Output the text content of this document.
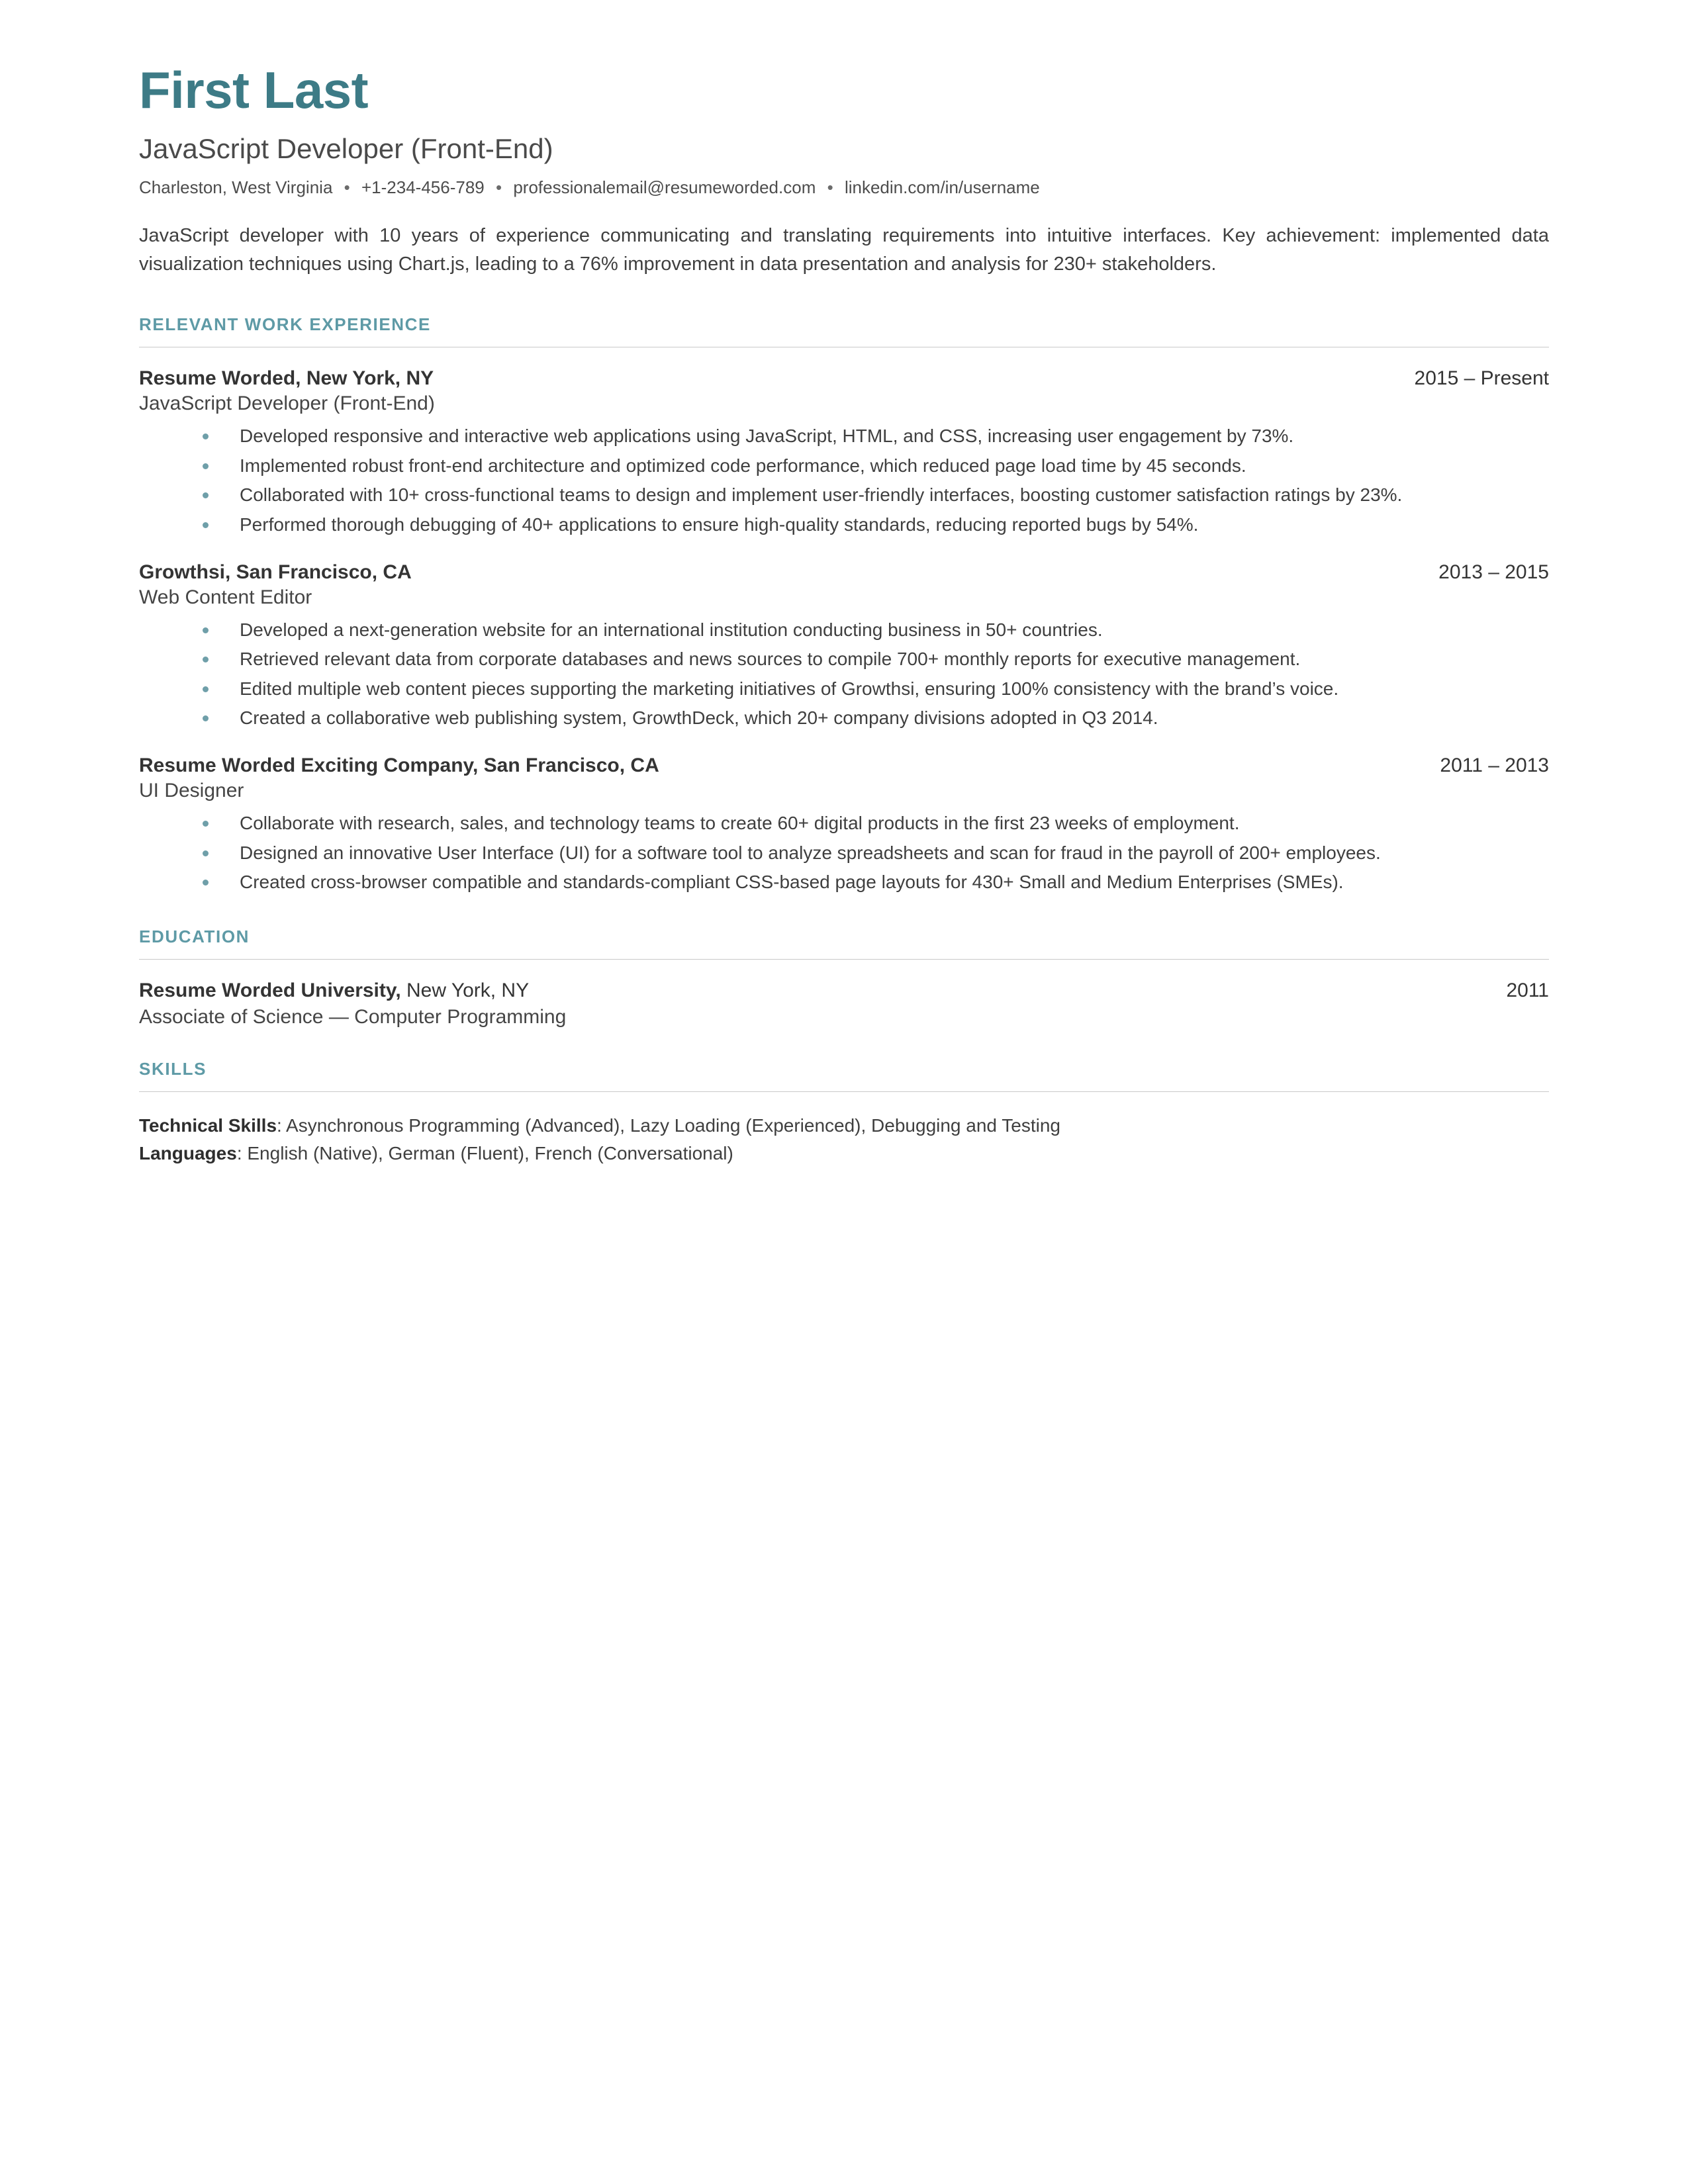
First Last
JavaScript Developer (Front-End)
Charleston, West Virginia • +1-234-456-789 • professionalemail@resumeworded.com • linkedin.com/in/username

JavaScript developer with 10 years of experience communicating and translating requirements into intuitive interfaces. Key achievement: implemented data visualization techniques using Chart.js, leading to a 76% improvement in data presentation and analysis for 230+ stakeholders.

RELEVANT WORK EXPERIENCE
Resume Worded, New York, NY	2015 – Present
JavaScript Developer (Front-End)
Developed responsive and interactive web applications using JavaScript, HTML, and CSS, increasing user engagement by 73%.
Implemented robust front-end architecture and optimized code performance, which reduced page load time by 45 seconds.
Collaborated with 10+ cross-functional teams to design and implement user-friendly interfaces, boosting customer satisfaction ratings by 23%.
Performed thorough debugging of 40+ applications to ensure high-quality standards, reducing reported bugs by 54%.
Growthsi, San Francisco, CA	2013 – 2015
Web Content Editor
Developed a next-generation website for an international institution conducting business in 50+ countries.
Retrieved relevant data from corporate databases and news sources to compile 700+ monthly reports for executive management.
Edited multiple web content pieces supporting the marketing initiatives of Growthsi, ensuring 100% consistency with the brand’s voice.
Created a collaborative web publishing system, GrowthDeck, which 20+ company divisions adopted in Q3 2014.
Resume Worded Exciting Company, San Francisco, CA	2011 – 2013
UI Designer
Collaborate with research, sales, and technology teams to create 60+ digital products in the first 23 weeks of employment.
Designed an innovative User Interface (UI) for a software tool to analyze spreadsheets and scan for fraud in the payroll of 200+ employees.
Created cross-browser compatible and standards-compliant CSS-based page layouts for 430+ Small and Medium Enterprises (SMEs).
EDUCATION
Resume Worded University, New York, NY	2011
Associate of Science — Computer Programming
SKILLS
Technical Skills: Asynchronous Programming (Advanced), Lazy Loading (Experienced), Debugging and Testing
Languages: English (Native), German (Fluent), French (Conversational)
